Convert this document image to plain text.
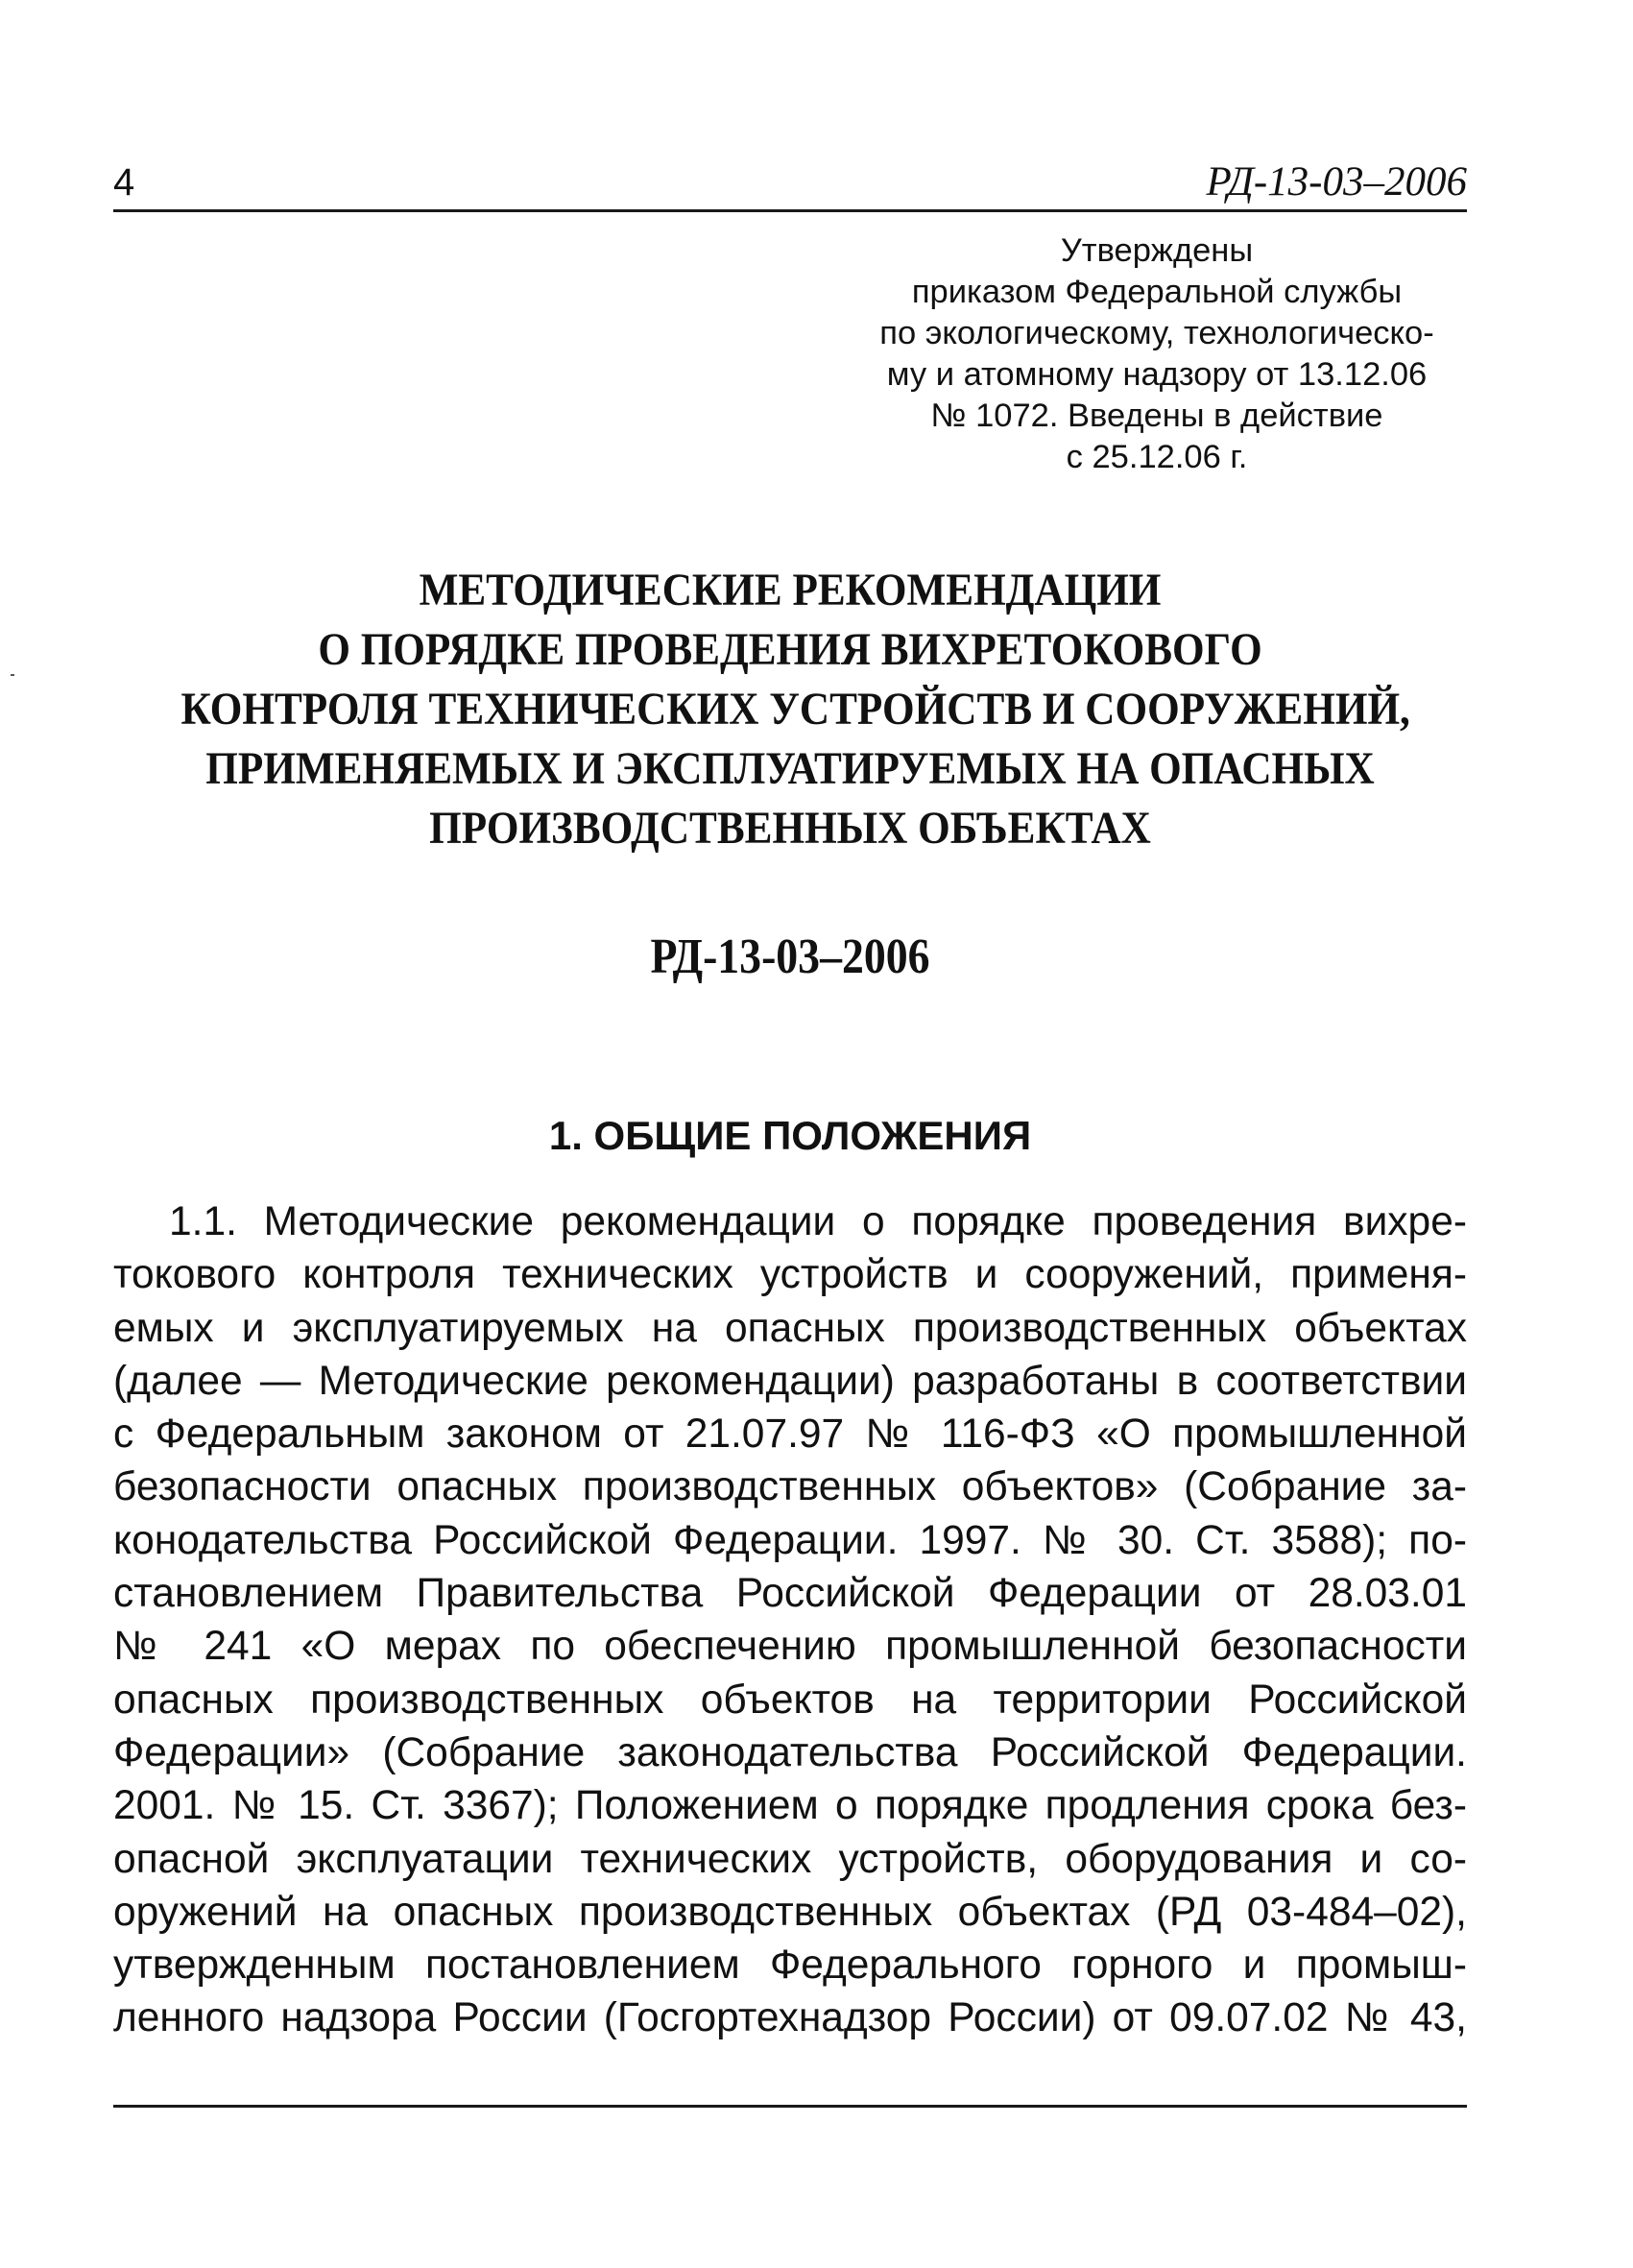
4	РД-13-03–2006
Утверждены
приказом Федеральной службы
по экологическому, технологическо-
му и атомному надзору от 13.12.06
№ 1072. Введены в действие
с 25.12.06 г.
МЕТОДИЧЕСКИЕ РЕКОМЕНДАЦИИ
О ПОРЯДКЕ ПРОВЕДЕНИЯ ВИХРЕТОКОВОГО
КОНТРОЛЯ ТЕХНИЧЕСКИХ УСТРОЙСТВ И СООРУЖЕНИЙ,
ПРИМЕНЯЕМЫХ И ЭКСПЛУАТИРУЕМЫХ НА ОПАСНЫХ
ПРОИЗВОДСТВЕННЫХ ОБЪЕКТАХ
РД-13-03–2006
1. ОБЩИЕ ПОЛОЖЕНИЯ
1.1. Методические рекомендации о порядке проведения вихре-
токового контроля технических устройств и сооружений, применя-
емых и эксплуатируемых на опасных производственных объектах
(далее — Методические рекомендации) разработаны в соответствии
с Федеральным законом от 21.07.97 № 116-ФЗ «О промышленной
безопасности опасных производственных объектов» (Собрание за-
конодательства Российской Федерации. 1997. № 30. Ст. 3588); по-
становлением Правительства Российской Федерации от 28.03.01
№ 241 «О мерах по обеспечению промышленной безопасности
опасных производственных объектов на территории Российской
Федерации» (Собрание законодательства Российской Федерации.
2001. № 15. Ст. 3367); Положением о порядке продления срока без-
опасной эксплуатации технических устройств, оборудования и со-
оружений на опасных производственных объектах (РД 03-484–02),
утвержденным постановлением Федерального горного и промыш-
ленного надзора России (Госгортехнадзор России) от 09.07.02 № 43,
